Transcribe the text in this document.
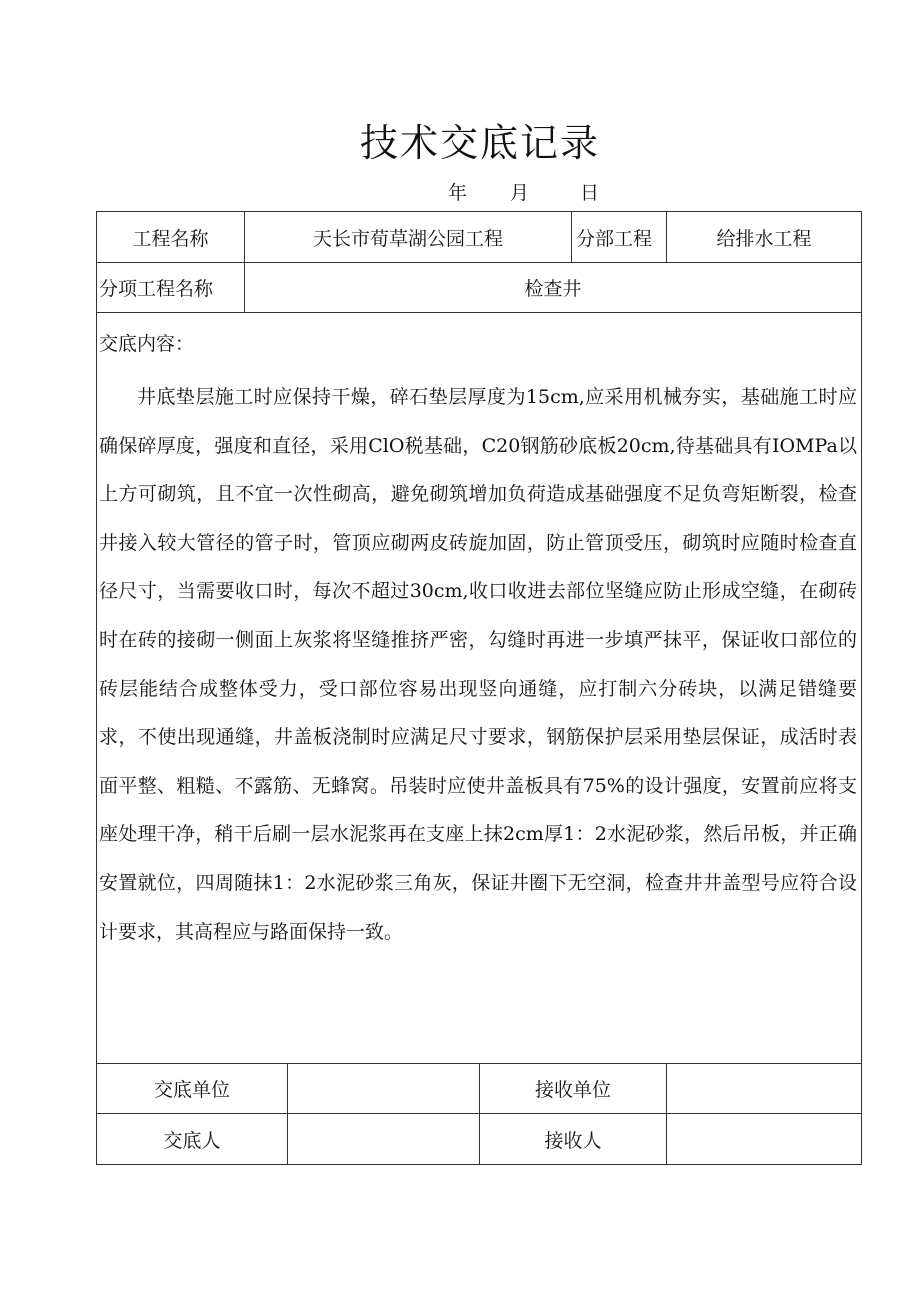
技术交底记录
年 月	日
工程名称	天长市荀草湖公园工程			分部工程	给排水工程
分项工程名称	检查井				

交底内容：
井底垫层施工时应保持干燥，碎石垫层厚度为15cm,应采用机械夯实，基础施工时应确保碎厚度，强度和直径，采用ClO税基础，C20钢筋砂底板20cm,待基础具有IOMPa以上方可砌筑，且不宜一次性砌高，避免砌筑增加负荷造成基础强度不足负弯矩断裂，检查井接入较大管径的管子时，管顶应砌两皮砖旋加固，防止管顶受压，砌筑时应随时检查直径尺寸，当需要收口时，每次不超过30cm,收口收进去部位坚缝应防止形成空缝，在砌砖时在砖的接砌一侧面上灰浆将坚缝推挤严密，勾缝时再进一步填严抹平，保证收口部位的砖层能结合成整体受力，受口部位容易出现竖向通缝，应打制六分砖块，以满足错缝要求，不使出现通缝，井盖板浇制时应满足尺寸要求，钢筋保护层采用垫层保证，成活时表面平整、粗糙、不露筋、无蜂窝。吊装时应使井盖板具有75%的设计强度，安置前应将支座处理干净，稍干后刷一层水泥浆再在支座上抹2cm厚1：2水泥砂浆，然后吊板，并正确安置就位，四周随抹1：2水泥砂浆三角灰，保证井圈下无空洞，检查井井盖型号应符合设计要求，其高程应与路面保持一致。					

交底单位			接收单位		
交底人			接收人		
